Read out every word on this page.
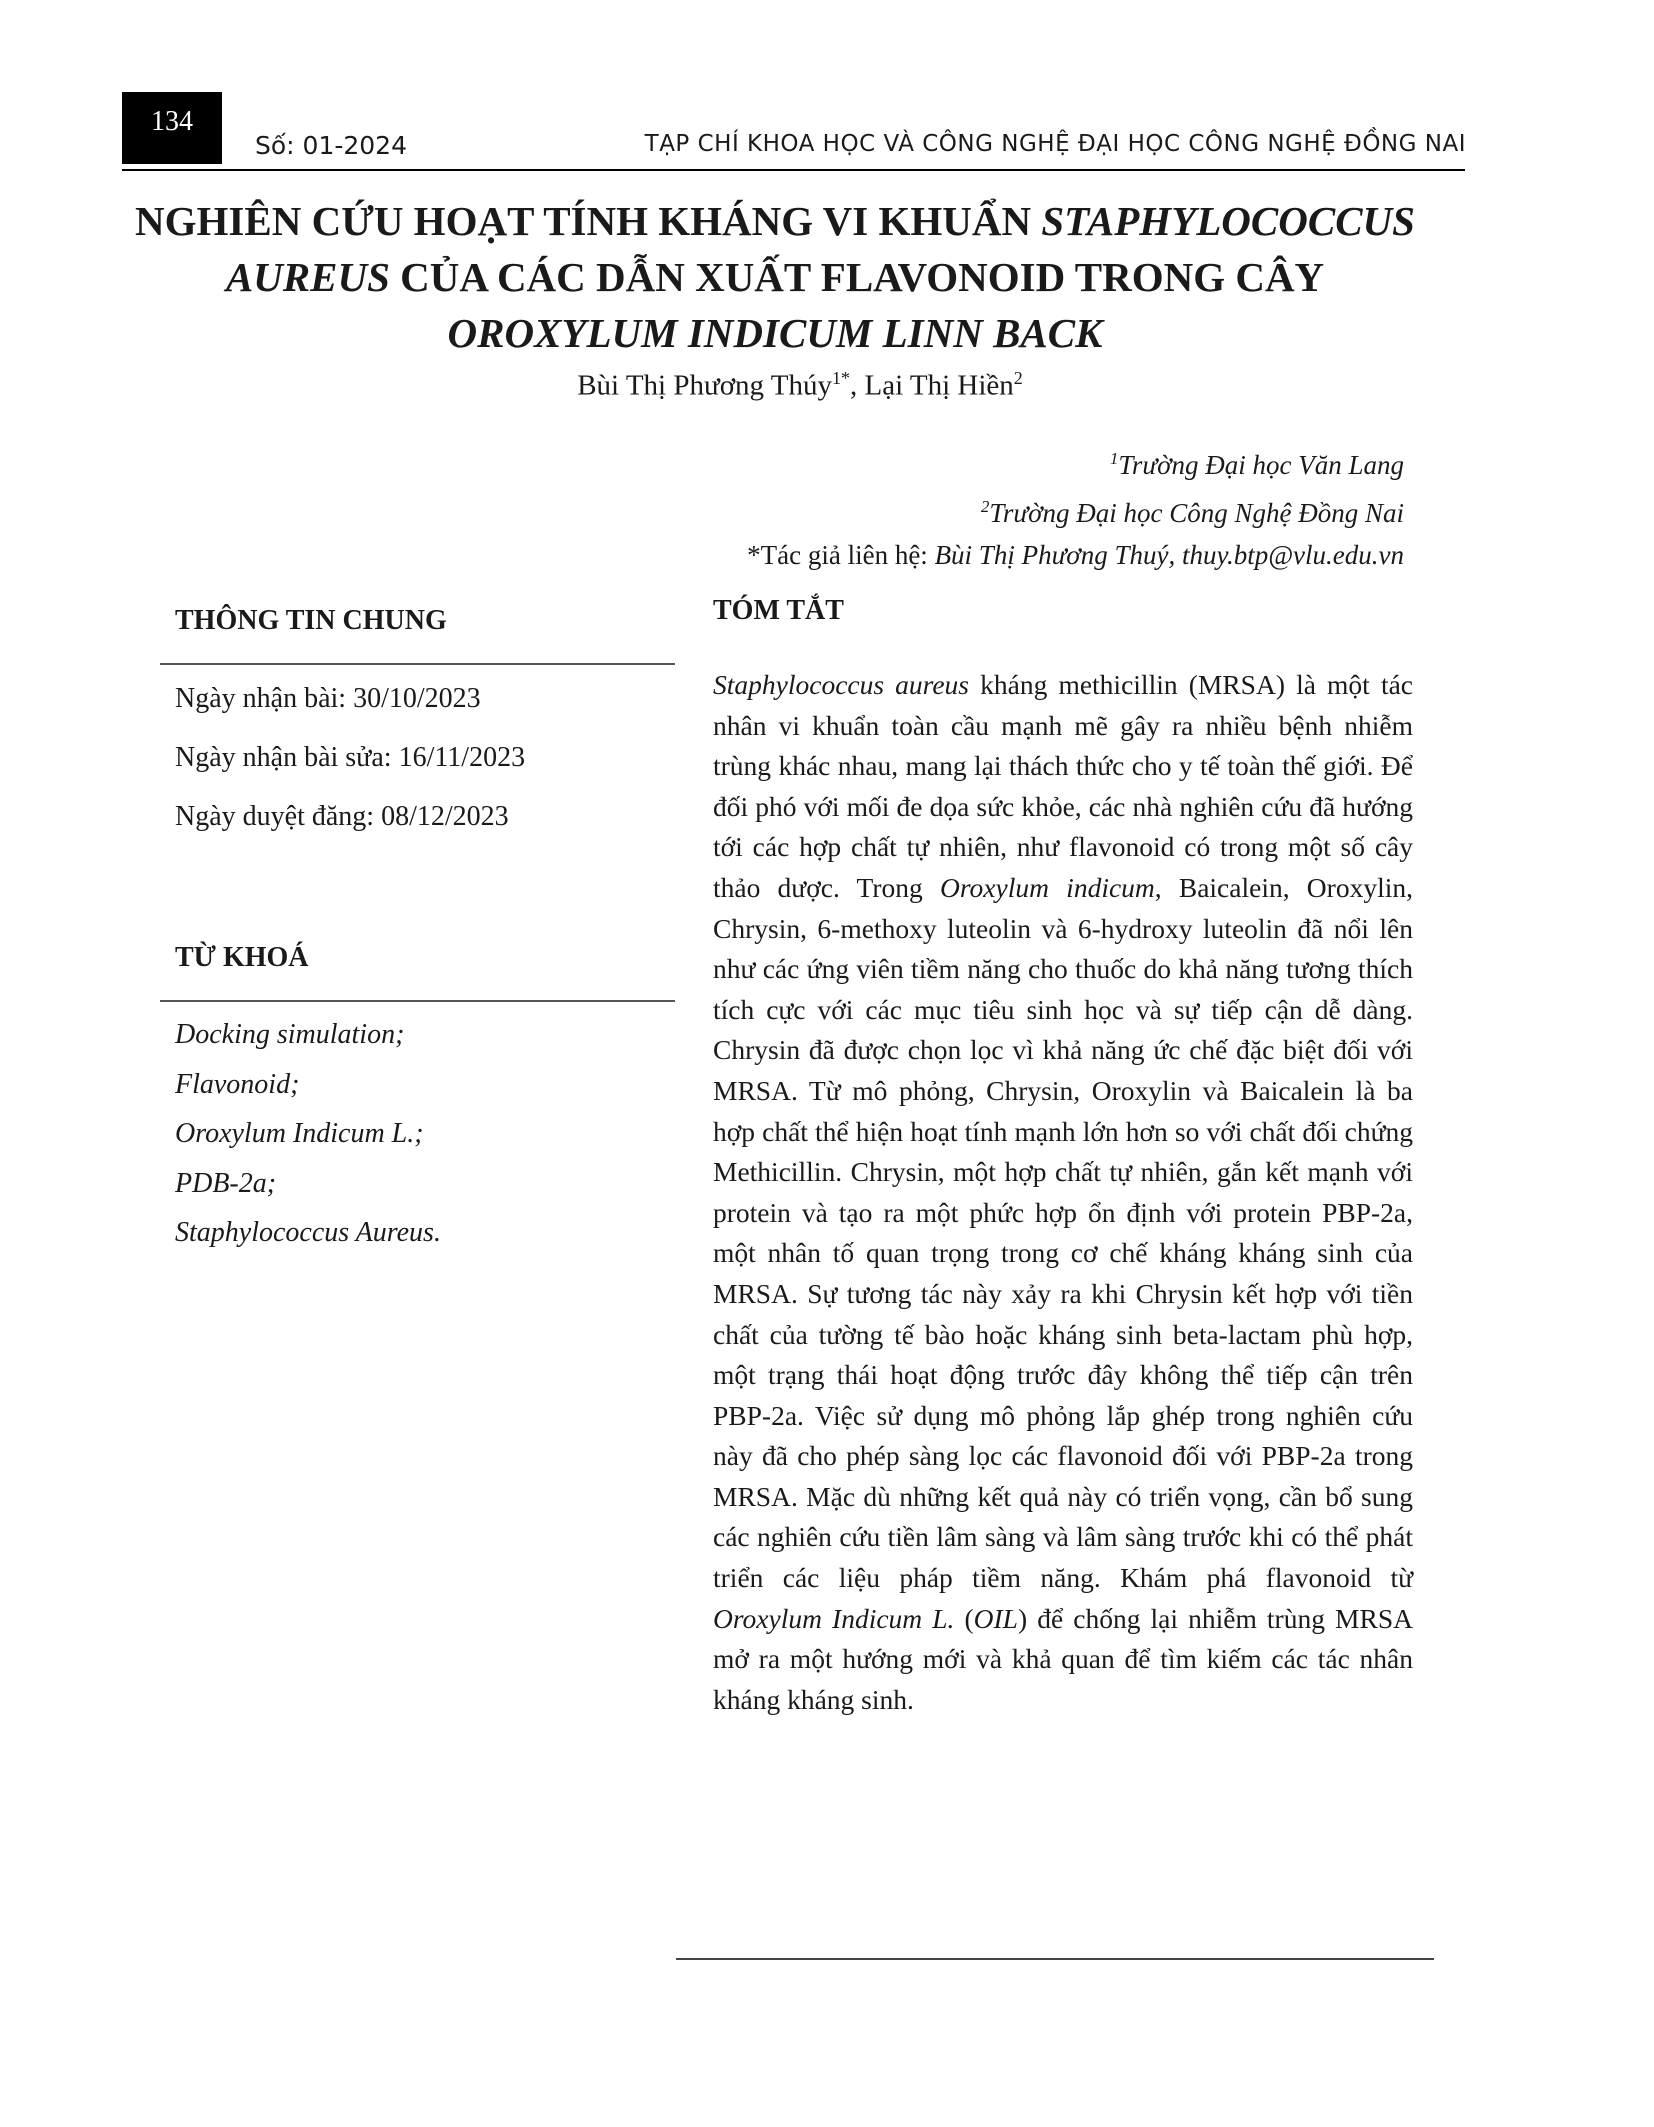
134
Số: 01-2024	TẠP CHÍ KHOA HỌC VÀ CÔNG NGHỆ ĐẠI HỌC CÔNG NGHỆ ĐỒNG NAI
NGHIÊN CỨU HOẠT TÍNH KHÁNG VI KHUẨN STAPHYLOCOCCUS
AUREUS CỦA CÁC DẪN XUẤT FLAVONOID TRONG CÂY
OROXYLUM INDICUM LINN BACK
Bùi Thị Phương Thúy$^{1*}$, Lại Thị Hiền$^2$
$^1$Trường Đại học Văn Lang
$^2$Trường Đại học Công Nghệ Đồng Nai
*Tác giả liên hệ: Bùi Thị Phương Thuý, thuy.btp@vlu.edu.vn
THÔNG TIN CHUNG
Ngày nhận bài: 30/10/2023
Ngày nhận bài sửa: 16/11/2023
Ngày duyệt đăng: 08/12/2023
TỪ KHOÁ
Docking simulation;
Flavonoid;
Oroxylum Indicum L.;
PDB-2a;
Staphylococcus Aureus.
TÓM TẮT

Staphylococcus aureus kháng methicillin (MRSA) là một tác nhân vi khuẩn toàn cầu mạnh mẽ gây ra nhiều bệnh nhiễm trùng khác nhau, mang lại thách thức cho y tế toàn thế giới. Để đối phó với mối đe dọa sức khỏe, các nhà nghiên cứu đã hướng tới các hợp chất tự nhiên, như flavonoid có trong một số cây thảo dược. Trong Oroxylum indicum, Baicalein, Oroxylin, Chrysin, 6-methoxy luteolin và 6-hydroxy luteolin đã nổi lên như các ứng viên tiềm năng cho thuốc do khả năng tương thích tích cực với các mục tiêu sinh học và sự tiếp cận dễ dàng. Chrysin đã được chọn lọc vì khả năng ức chế đặc biệt đối với MRSA. Từ mô phỏng, Chrysin, Oroxylin và Baicalein là ba hợp chất thể hiện hoạt tính mạnh lớn hơn so với chất đối chứng Methicillin. Chrysin, một hợp chất tự nhiên, gắn kết mạnh với protein và tạo ra một phức hợp ổn định với protein PBP-2a, một nhân tố quan trọng trong cơ chế kháng kháng sinh của MRSA. Sự tương tác này xảy ra khi Chrysin kết hợp với tiền chất của tường tế bào hoặc kháng sinh beta-lactam phù hợp, một trạng thái hoạt động trước đây không thể tiếp cận trên PBP-2a. Việc sử dụng mô phỏng lắp ghép trong nghiên cứu này đã cho phép sàng lọc các flavonoid đối với PBP-2a trong MRSA. Mặc dù những kết quả này có triển vọng, cần bổ sung các nghiên cứu tiền lâm sàng và lâm sàng trước khi có thể phát triển các liệu pháp tiềm năng. Khám phá flavonoid từ Oroxylum Indicum L. (OIL) để chống lại nhiễm trùng MRSA mở ra một hướng mới và khả quan để tìm kiếm các tác nhân kháng kháng sinh.
